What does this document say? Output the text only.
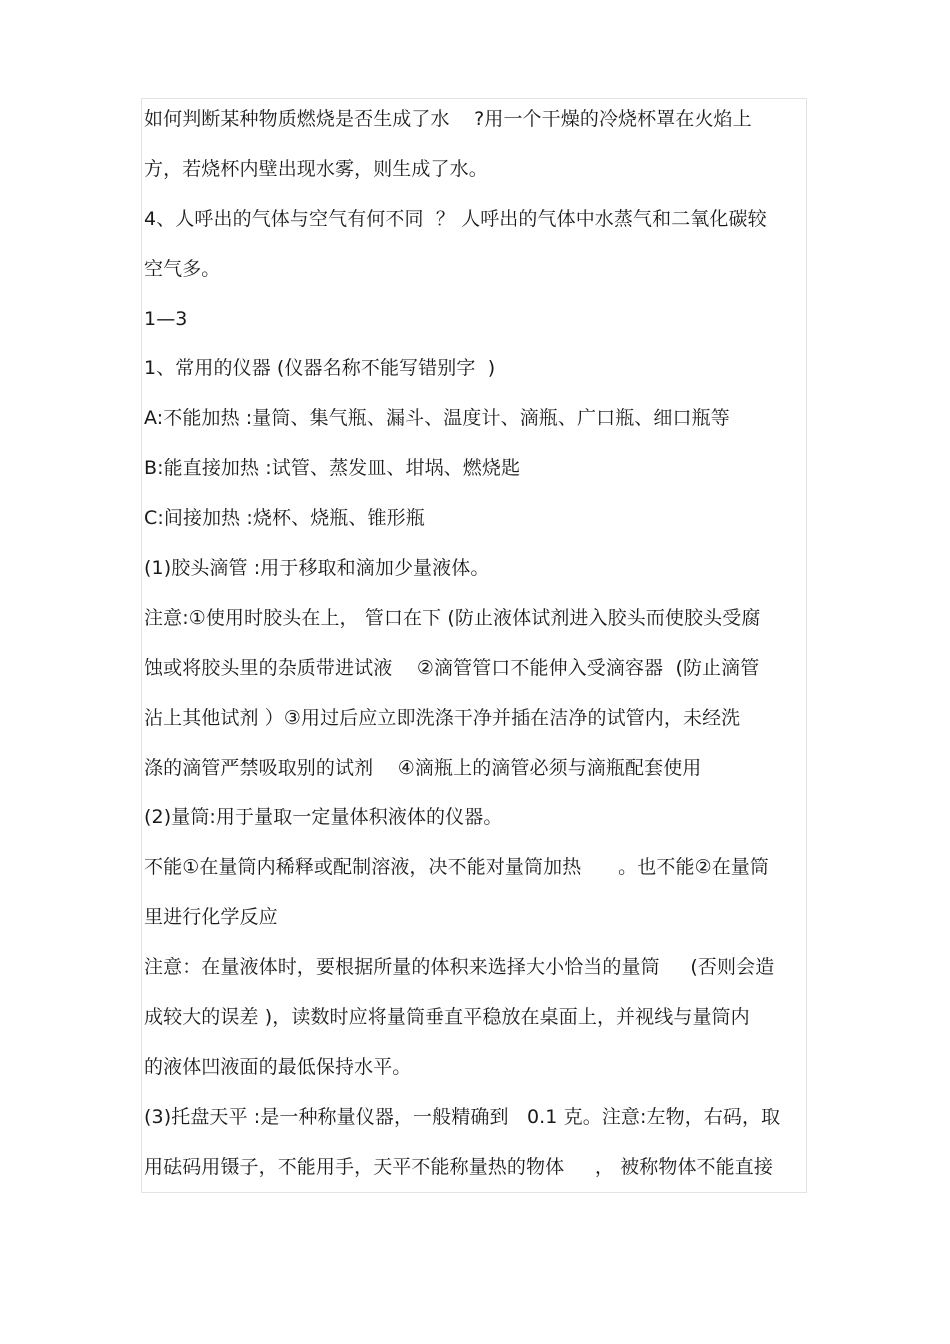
如何判断某种物质燃烧是否生成了水    ?用一个干燥的冷烧杯罩在火焰上
方，若烧杯内壁出现水雾，则生成了水。
4、人呼出的气体与空气有何不同  ？ 人呼出的气体中水蒸气和二氧化碳较
空气多。
1—3
1、常用的仪器 (仪器名称不能写错别字  )
A:不能加热 :量筒、集气瓶、漏斗、温度计、滴瓶、广口瓶、细口瓶等
B:能直接加热 :试管、蒸发皿、坩埚、燃烧匙
C:间接加热 :烧杯、烧瓶、锥形瓶
(1)胶头滴管 :用于移取和滴加少量液体。
注意:①使用时胶头在上， 管口在下 (防止液体试剂进入胶头而使胶头受腐
蚀或将胶头里的杂质带进试液    ②滴管管口不能伸入受滴容器  (防止滴管
沾上其他试剂 ）③用过后应立即洗涤干净并插在洁净的试管内，未经洗
涤的滴管严禁吸取别的试剂    ④滴瓶上的滴管必须与滴瓶配套使用
(2)量筒:用于量取一定量体积液体的仪器。
不能①在量筒内稀释或配制溶液，决不能对量筒加热      。也不能②在量筒
里进行化学反应
注意：在量液体时，要根据所量的体积来选择大小恰当的量筒     (否则会造
成较大的误差 )，读数时应将量筒垂直平稳放在桌面上，并视线与量筒内
的液体凹液面的最低保持水平。
(3)托盘天平 :是一种称量仪器，一般精确到   0.1 克。注意:左物，右码，取
用砝码用镊子，不能用手，天平不能称量热的物体     ， 被称物体不能直接
